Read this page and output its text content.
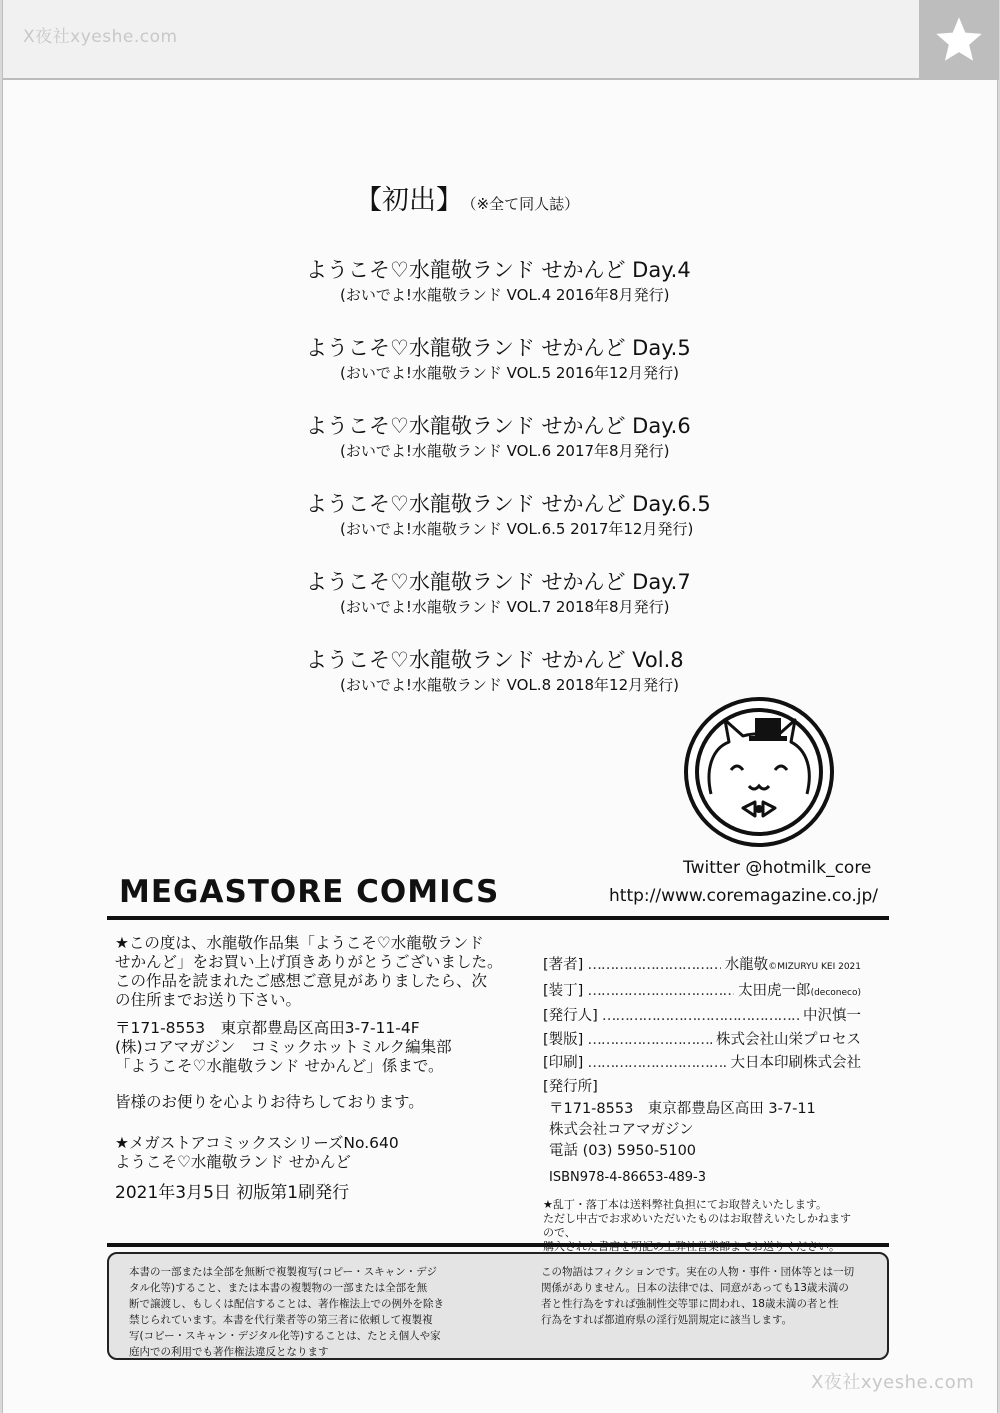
X夜社xyeshe.com
【初出】 （※全て同人誌）
ようこそ♡水龍敬ランド せかんど Day.4
(おいでよ!水龍敬ランド VOL.4 2016年8月発行)
ようこそ♡水龍敬ランド せかんど Day.5
(おいでよ!水龍敬ランド VOL.5 2016年12月発行)
ようこそ♡水龍敬ランド せかんど Day.6
(おいでよ!水龍敬ランド VOL.6 2017年8月発行)
ようこそ♡水龍敬ランド せかんど Day.6.5
(おいでよ!水龍敬ランド VOL.6.5 2017年12月発行)
ようこそ♡水龍敬ランド せかんど Day.7
(おいでよ!水龍敬ランド VOL.7 2018年8月発行)
ようこそ♡水龍敬ランド せかんど Vol.8
(おいでよ!水龍敬ランド VOL.8 2018年12月発行)
Twitter @hotmilk_core
http://www.coremagazine.co.jp/
MEGASTORE COMICS

★この度は、水龍敬作品集「ようこそ♡水龍敬ランド

せかんど」をお買い上げ頂きありがとうございました。

この作品を読まれたご感想ご意見がありましたら、次

の住所までお送り下さい。

〒171-8553　東京都豊島区高田3-7-11-4F

(株)コアマガジン　コミックホットミルク編集部

「ようこそ♡水龍敬ランド せかんど」係まで。

皆様のお便りを心よりお待ちしております。

★メガストアコミックスシリーズNo.640

ようこそ♡水龍敬ランド せかんど

2021年3月5日 初版第1刷発行

[著者] ……………………………………………………………	水龍敬©MIZURYU KEI 2021
[装丁] ……………………………………………………………	太田虎一郎(deconeco)
[発行人] ……………………………………………………………	中沢慎一
[製版] ……………………………………………………………	株式会社山栄プロセス
[印刷] ……………………………………………………………	大日本印刷株式会社
[発行所]
〒171-8553　東京都豊島区高田 3-7-11
株式会社コアマガジン
電話 (03) 5950-5100
ISBN978-4-86653-489-3
★乱丁・落丁本は送料弊社負担にてお取替えいたします。
ただし中古でお求めいただいたものはお取替えいたしかねますので、
本書の一部または全部を無断で複製複写(コピー・スキャン・デジ
タル化等)すること、または本書の複製物の一部または全部を無
断で譲渡し、もしくは配信することは、著作権法上での例外を除き
禁じられています。本書を代行業者等の第三者に依頼して複製複
写(コピー・スキャン・デジタル化等)することは、たとえ個人や家
庭内での利用でも著作権法違反となります
この物語はフィクションです。実在の人物・事件・団体等とは一切
関係がありません。日本の法律では、同意があっても13歳未満の
者と性行為をすれば強制性交等罪に問われ、18歳未満の者と性
行為をすれば都道府県の淫行処罰規定に該当します。
X夜社xyeshe.com
